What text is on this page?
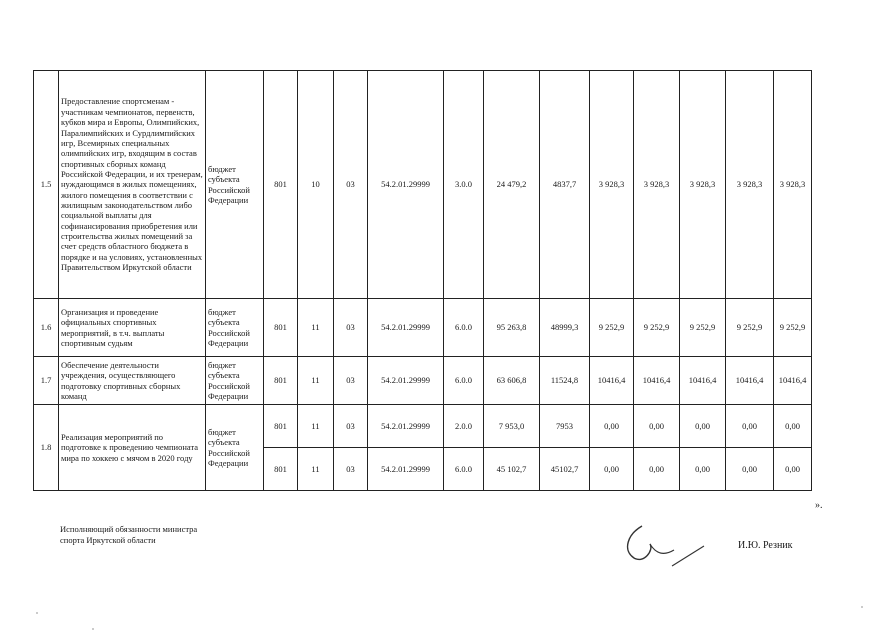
1.5	Предоставление спортсменам - участникам чемпионатов, первенств, кубков мира и Европы, Олимпийских, Паралимпийских и Сурдлимпийских игр, Всемирных специальных олимпийских игр, входящим в состав спортивных сборных команд Российской Федерации, и их тренерам, нуждающимся в жилых помещениях, жилого помещения в соответствии с жилищным законодательством либо социальной выплаты для софинансирования приобретения или строительства жилых помещений за счет средств областного бюджета в порядке и на условиях, установленных Правительством Иркутской области	бюджет субъекта Российской Федерации	801	10	03	54.2.01.29999	3.0.0	24 479,2	4837,7	3 928,3	3 928,3	3 928,3	3 928,3	3 928,3
1.6	Организация и проведение официальных спортивных мероприятий, в т.ч. выплаты спортивным судьям	бюджет субъекта Российской Федерации	801	11	03	54.2.01.29999	6.0.0	95 263,8	48999,3	9 252,9	9 252,9	9 252,9	9 252,9	9 252,9
1.7	Обеспечение деятельности учреждения, осуществляющего подготовку спортивных сборных команд	бюджет субъекта Российской Федерации	801	11	03	54.2.01.29999	6.0.0	63 606,8	11524,8	10416,4	10416,4	10416,4	10416,4	10416,4
1.8	Реализация мероприятий по подготовке к проведению чемпионата мира по хоккею с мячом в 2020 году	бюджет субъекта Российской Федерации	801	11	03	54.2.01.29999	2.0.0	7 953,0	7953	0,00	0,00	0,00	0,00	0,00
			801	11	03	54.2.01.29999	6.0.0	45 102,7	45102,7	0,00	0,00	0,00	0,00	0,00
».
Исполняющий обязанности министра
спорта Иркутской области	И.Ю. Резник
